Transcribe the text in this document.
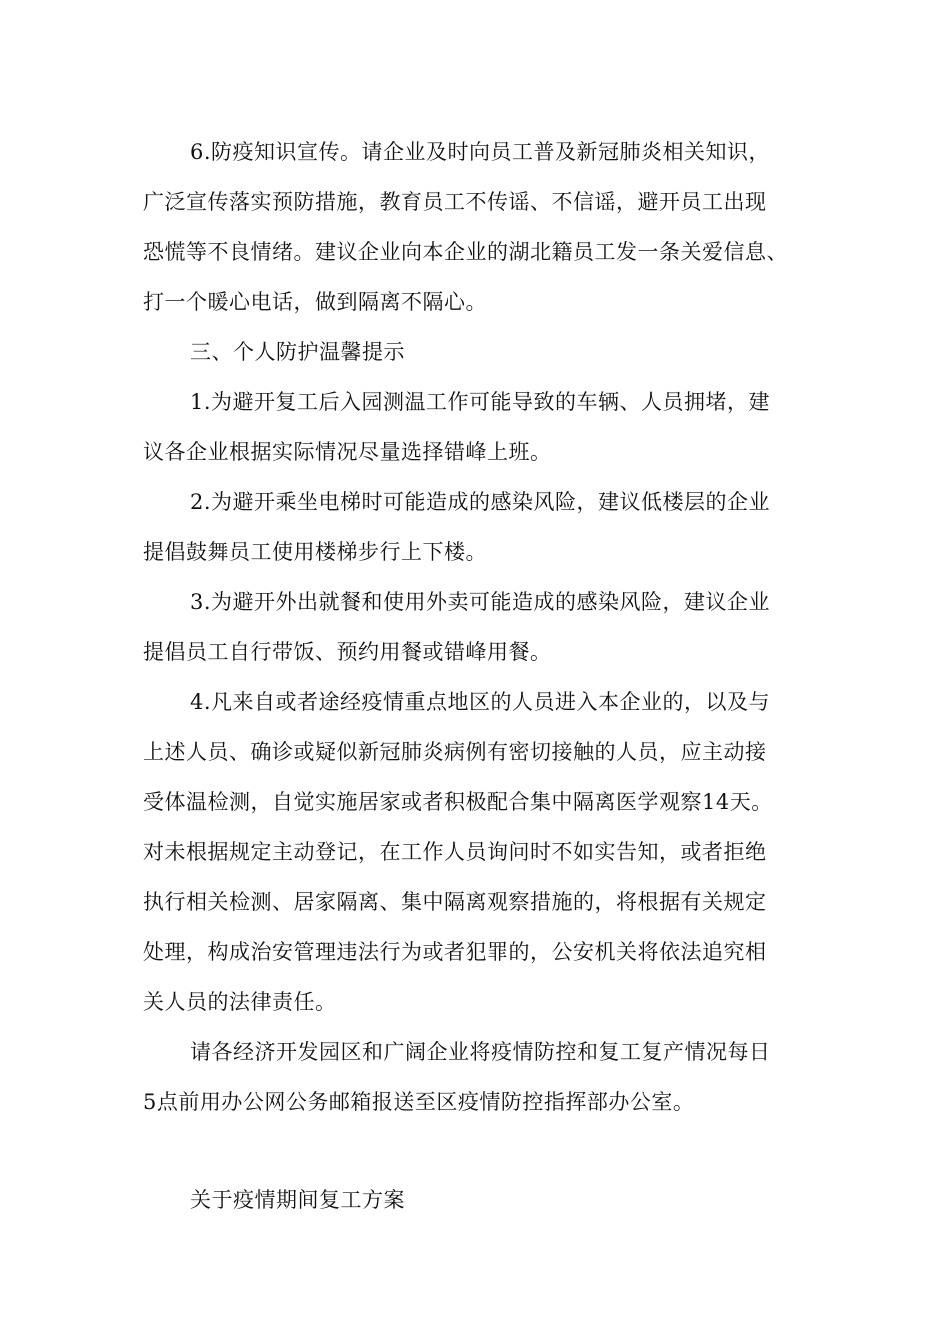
6.防疫知识宣传。请企业及时向员工普及新冠肺炎相关知识，
广泛宣传落实预防措施，教育员工不传谣、不信谣，避开员工出现
恐慌等不良情绪。建议企业向本企业的湖北籍员工发一条关爱信息、
打一个暖心电话，做到隔离不隔心。
三、个人防护温馨提示
1.为避开复工后入园测温工作可能导致的车辆、人员拥堵，建
议各企业根据实际情况尽量选择错峰上班。
2.为避开乘坐电梯时可能造成的感染风险，建议低楼层的企业
提倡鼓舞员工使用楼梯步行上下楼。
3.为避开外出就餐和使用外卖可能造成的感染风险，建议企业
提倡员工自行带饭、预约用餐或错峰用餐。
4.凡来自或者途经疫情重点地区的人员进入本企业的，以及与
上述人员、确诊或疑似新冠肺炎病例有密切接触的人员，应主动接
受体温检测，自觉实施居家或者积极配合集中隔离医学观察14天。
对未根据规定主动登记，在工作人员询问时不如实告知，或者拒绝
执行相关检测、居家隔离、集中隔离观察措施的，将根据有关规定
处理，构成治安管理违法行为或者犯罪的，公安机关将依法追究相
关人员的法律责任。
请各经济开发园区和广阔企业将疫情防控和复工复产情况每日
5点前用办公网公务邮箱报送至区疫情防控指挥部办公室。
关于疫情期间复工方案
